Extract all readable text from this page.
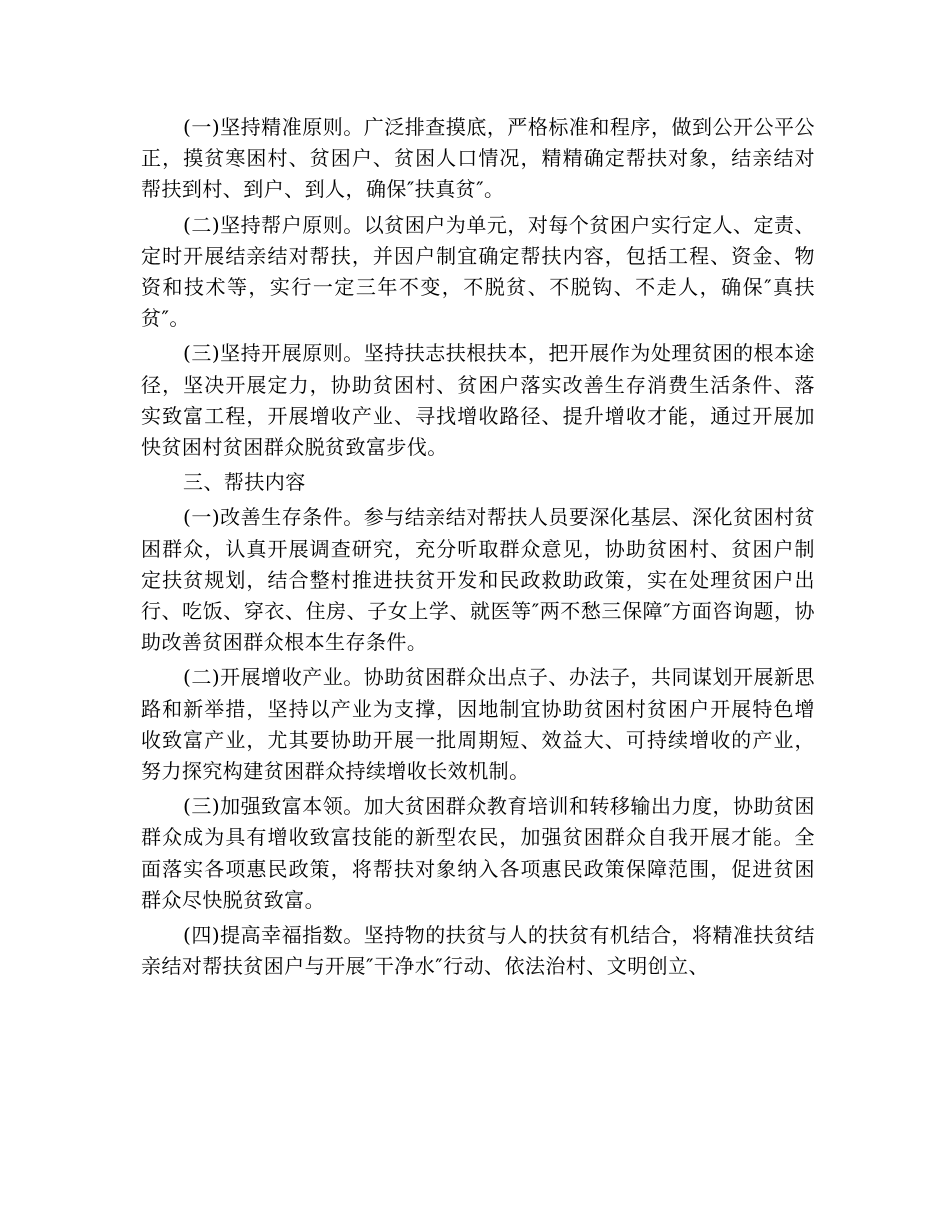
(一)坚持精准原则。广泛排查摸底，严格标准和程序，做到公开公平公正，摸贫寒困村、贫困户、贫困人口情况，精精确定帮扶对象，结亲结对帮扶到村、到户、到人，确保″扶真贫″。

(二)坚持帮户原则。以贫困户为单元，对每个贫困户实行定人、定责、定时开展结亲结对帮扶，并因户制宜确定帮扶内容，包括工程、资金、物资和技术等，实行一定三年不变，不脱贫、不脱钩、不走人，确保″真扶贫″。

(三)坚持开展原则。坚持扶志扶根扶本，把开展作为处理贫困的根本途径，坚决开展定力，协助贫困村、贫困户落实改善生存消费生活条件、落实致富工程，开展增收产业、寻找增收路径、提升增收才能，通过开展加快贫困村贫困群众脱贫致富步伐。

三、帮扶内容

(一)改善生存条件。参与结亲结对帮扶人员要深化基层、深化贫困村贫困群众，认真开展调查研究，充分听取群众意见，协助贫困村、贫困户制定扶贫规划，结合整村推进扶贫开发和民政救助政策，实在处理贫困户出行、吃饭、穿衣、住房、子女上学、就医等″两不愁三保障″方面咨询题，协助改善贫困群众根本生存条件。

(二)开展增收产业。协助贫困群众出点子、办法子，共同谋划开展新思路和新举措，坚持以产业为支撑，因地制宜协助贫困村贫困户开展特色增收致富产业，尤其要协助开展一批周期短、效益大、可持续增收的产业，努力探究构建贫困群众持续增收长效机制。

(三)加强致富本领。加大贫困群众教育培训和转移输出力度，协助贫困群众成为具有增收致富技能的新型农民，加强贫困群众自我开展才能。全面落实各项惠民政策，将帮扶对象纳入各项惠民政策保障范围，促进贫困群众尽快脱贫致富。

(四)提高幸福指数。坚持物的扶贫与人的扶贫有机结合，将精准扶贫结亲结对帮扶贫困户与开展″干净水″行动、依法治村、文明创立、
